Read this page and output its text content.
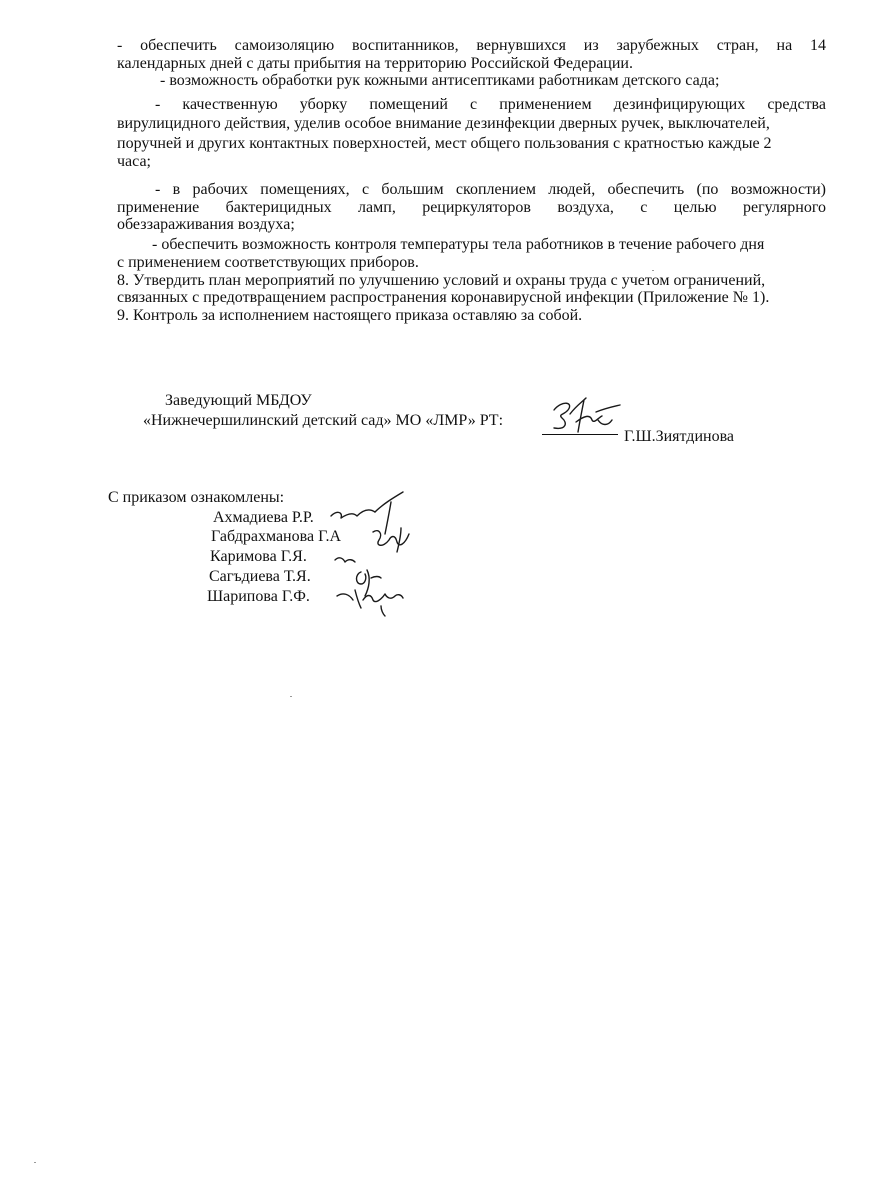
- обеспечить самоизоляцию воспитанников, вернувшихся из зарубежных стран, на 14
календарных дней с даты прибытия на территорию Российской Федерации.
- возможность обработки рук кожными антисептиками работникам детского сада;
- качественную уборку помещений с применением дезинфицирующих средства
вирулицидного действия, уделив особое внимание дезинфекции дверных ручек, выключателей,
поручней и других контактных поверхностей, мест общего пользования с кратностью каждые 2
часа;
- в рабочих помещениях, с большим скоплением людей, обеспечить (по возможности)
применение бактерицидных ламп, рециркуляторов воздуха, с целью регулярного
обеззараживания воздуха;
- обеспечить возможность контроля температуры тела работников в течение рабочего дня
с применением соответствующих приборов.
8. Утвердить план мероприятий по улучшению условий и охраны труда с учетом ограничений,
связанных с предотвращением распространения коронавирусной инфекции (Приложение № 1).
9. Контроль за исполнением настоящего приказа оставляю за собой.
Заведующий МБДОУ
«Нижнечершилинский детский сад» МО «ЛМР» РТ:
Г.Ш.Зиятдинова
С приказом ознакомлены:
Ахмадиева Р.Р.
Габдрахманова Г.А
Каримова Г.Я.
Сагъдиева Т.Я.
Шарипова Г.Ф.
